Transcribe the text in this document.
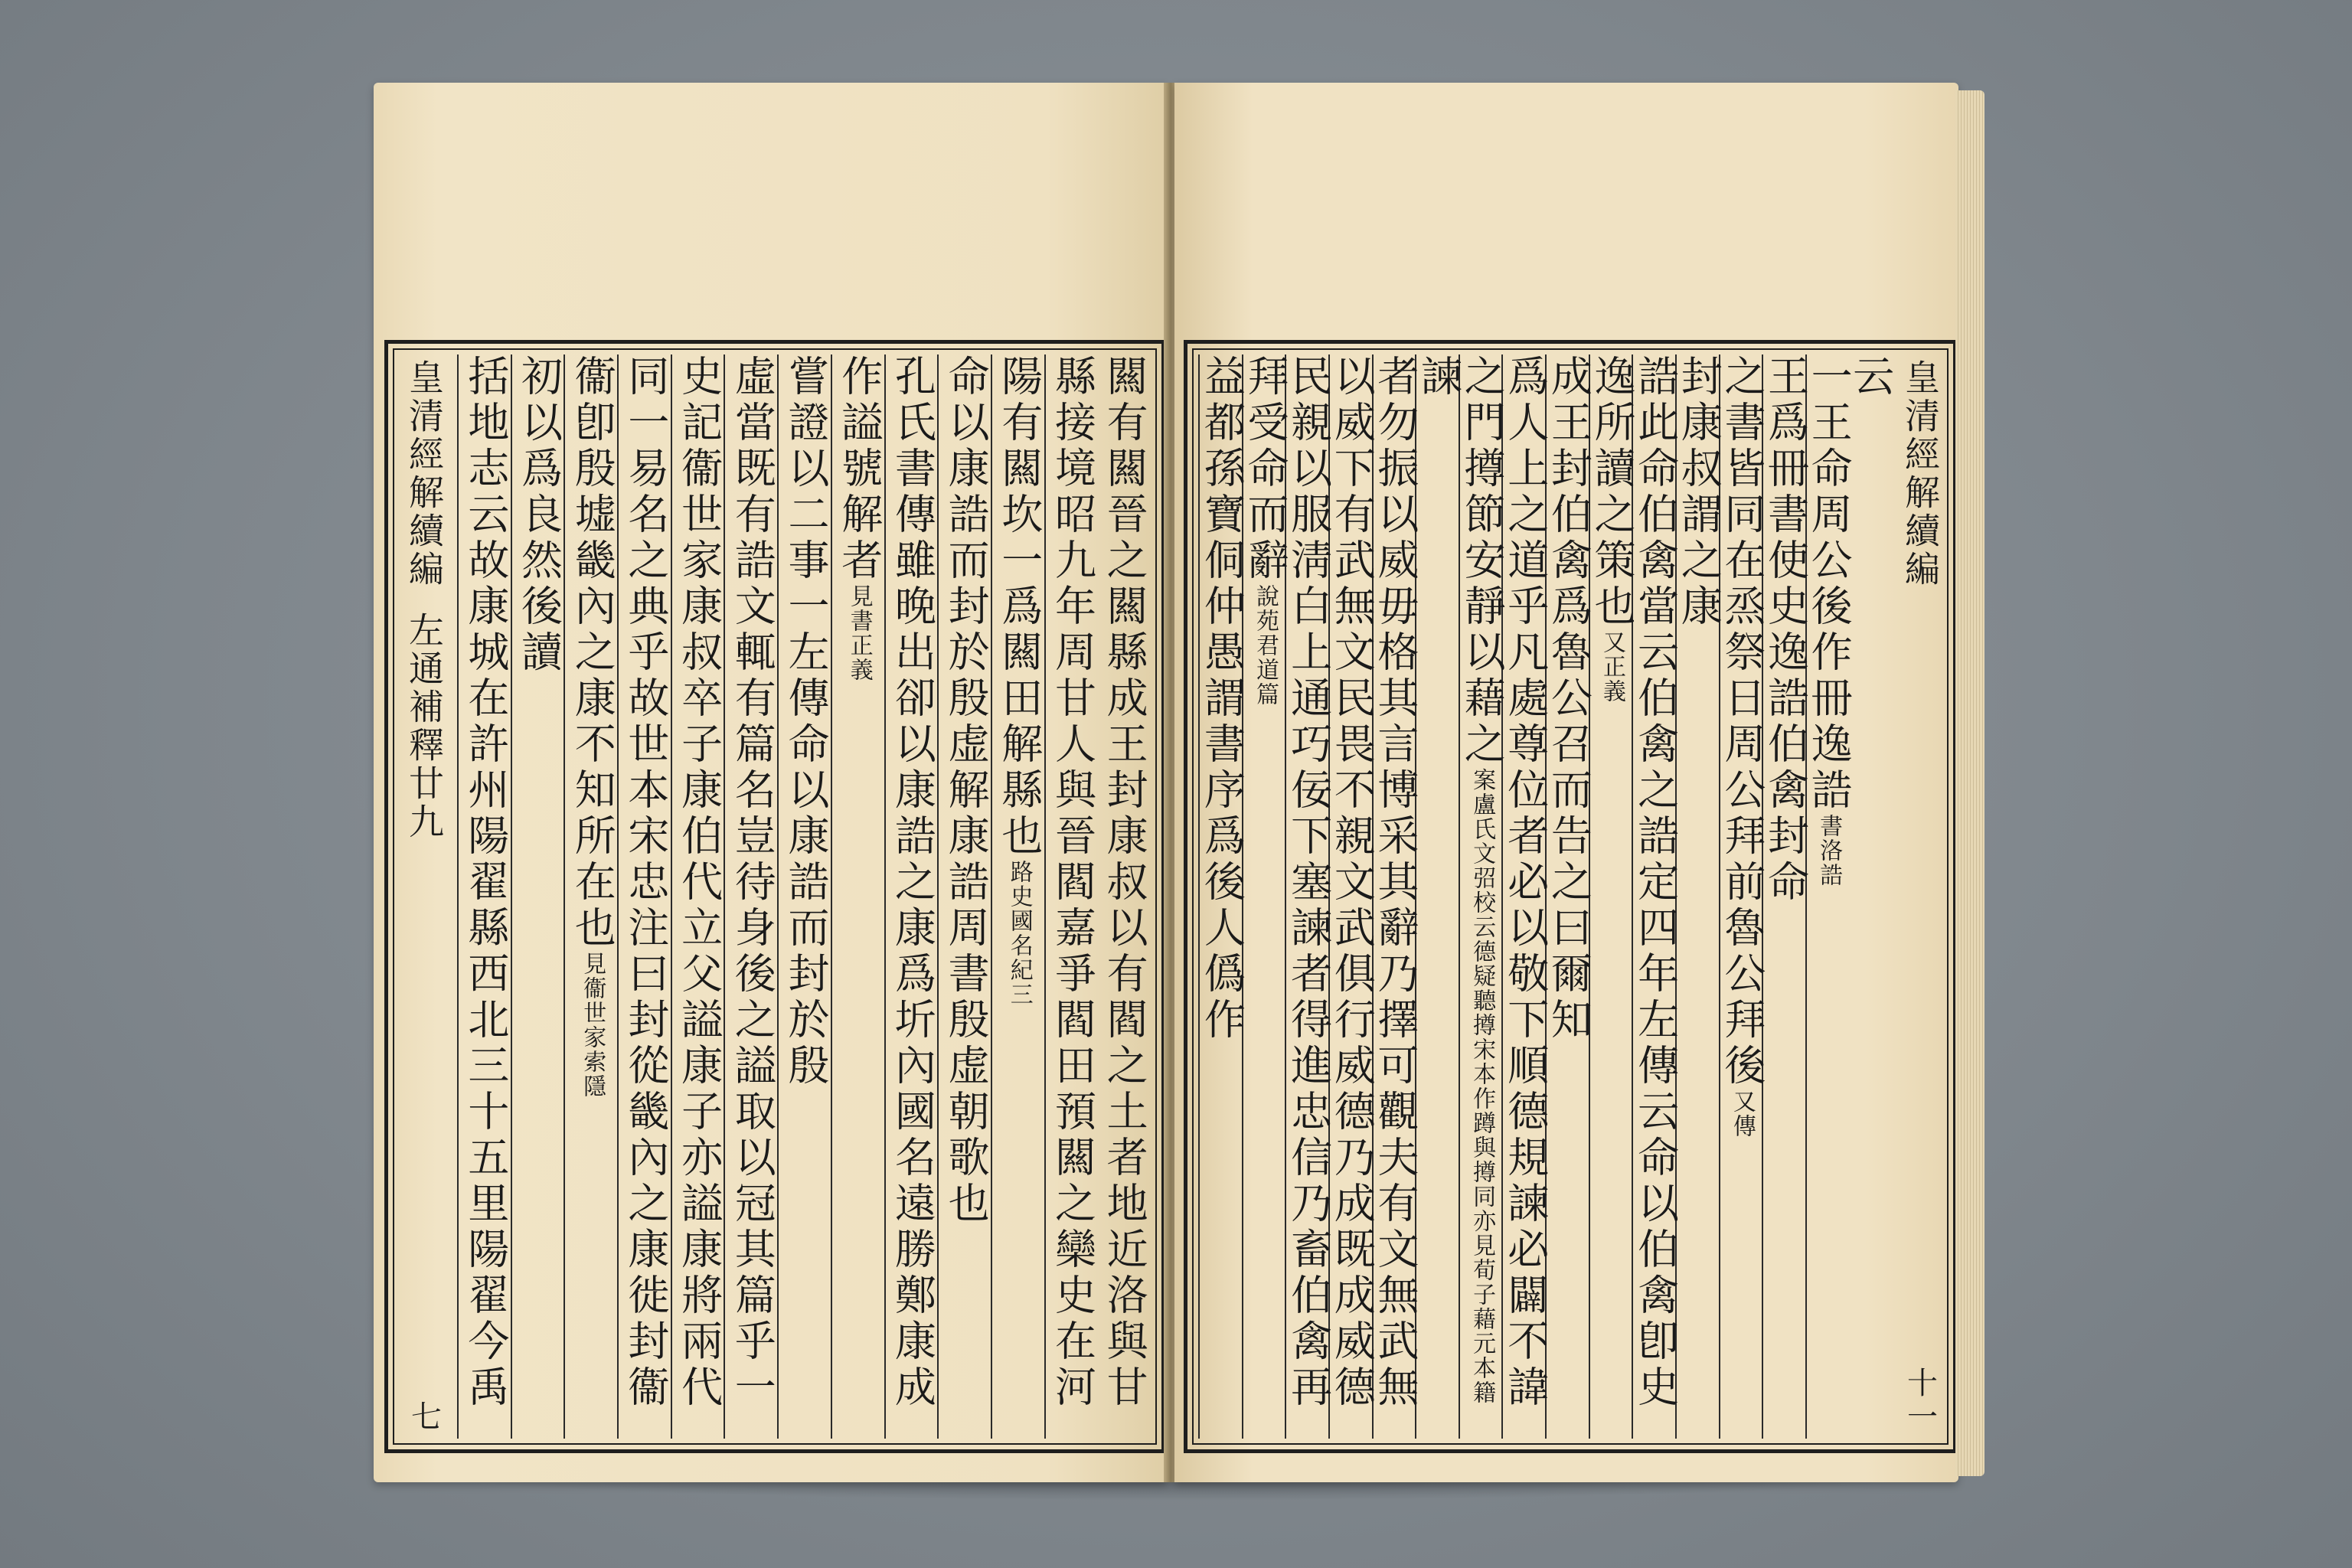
皇清經解續編
左通補釋廿九
七
闗有闗晉之闗縣成王封康叔以有閻之土者地近洛與甘
縣接境昭九年周甘人與晉閻嘉爭閻田預闗之欒史在河
陽有闗坎一爲闗田解縣也
路史國名紀三
命以康誥而封於殷虚解康誥周書殷虚朝歌也
孔氏書傳雖晚出卻以康誥之康爲圻內國名遠勝鄭康成
作謚號解者
見書正義
嘗證以二事一左傳命以康誥而封於殷
虛當既有誥文輒有篇名豈待身後之謚取以冠其篇乎一
史記衞世家康叔卒子康伯代立父謚康子亦謚康將兩代
同一易名之典乎故世本宋忠注曰封從畿內之康徙封衞
衞卽殷墟畿內之康不知所在也
見衞世家索隱
初以爲良然後讀
括地志云故康城在許州陽翟縣西北三十五里陽翟今禹	云
一王命周公後作冊逸誥
書洛誥
王爲冊書使史逸誥伯禽封命
之書皆同在烝祭日周公拜前魯公拜後
又傳
封康叔謂之康
誥此命伯禽當云伯禽之誥定四年左傳云命以伯禽卽史
逸所讀之策也
又正義
成王封伯禽爲魯公召而告之曰爾知
爲人上之道乎凡處尊位者必以敬下順德規諫必闢不諱
之門撙節安靜以藉之
案盧氏文弨校云德疑聽撙宋本作蹲與撙同亦見荀子藉元本籍
諫
者勿振以威毋格其言博采其辭乃擇可觀夫有文無武無
以威下有武無文民畏不親文武俱行威德乃成既成威德
民親以服淸白上通巧佞下塞諫者得進忠信乃畜伯禽再
拜受命而辭
說苑君道篇
益都孫寶侗仲愚謂書序爲後人僞作	皇清經解續編
十一
